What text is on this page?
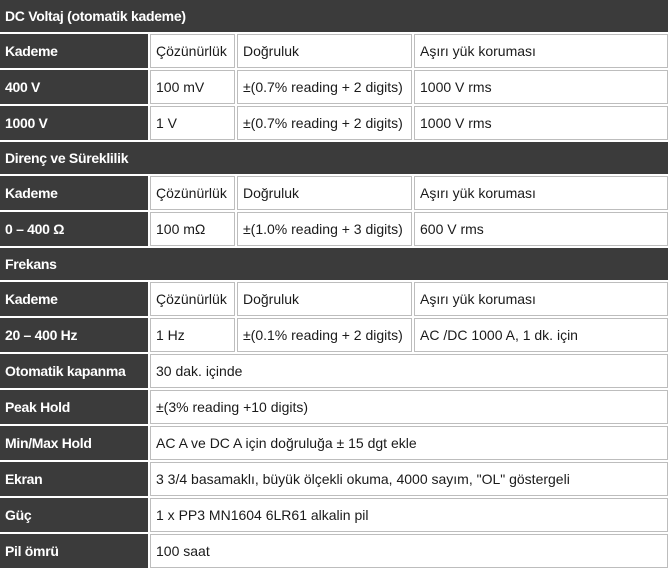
DC Voltaj (otomatik kademe)			
Kademe	Çözünürlük	Doğruluk	Aşırı yük koruması
400 V	100 mV	±(0.7% reading + 2 digits)	1000 V rms
1000 V	1 V	±(0.7% reading + 2 digits)	1000 V rms
Direnç ve Süreklilik			
Kademe	Çözünürlük	Doğruluk	Aşırı yük koruması
0 – 400 Ω	100 mΩ	±(1.0% reading + 3 digits)	600 V rms
Frekans			
Kademe	Çözünürlük	Doğruluk	Aşırı yük koruması
20 – 400 Hz	1 Hz	±(0.1% reading + 2 digits)	AC /DC 1000 A, 1 dk. için
Otomatik kapanma	30 dak. içinde		
Peak Hold	±(3% reading +10 digits)		
Min/Max Hold	AC A ve DC A için doğruluğa ± 15 dgt ekle		
Ekran	3 3/4 basamaklı, büyük ölçekli okuma, 4000 sayım, "OL" göstergeli		
Güç	1 x PP3 MN1604 6LR61 alkalin pil		
Pil ömrü	100 saat		
